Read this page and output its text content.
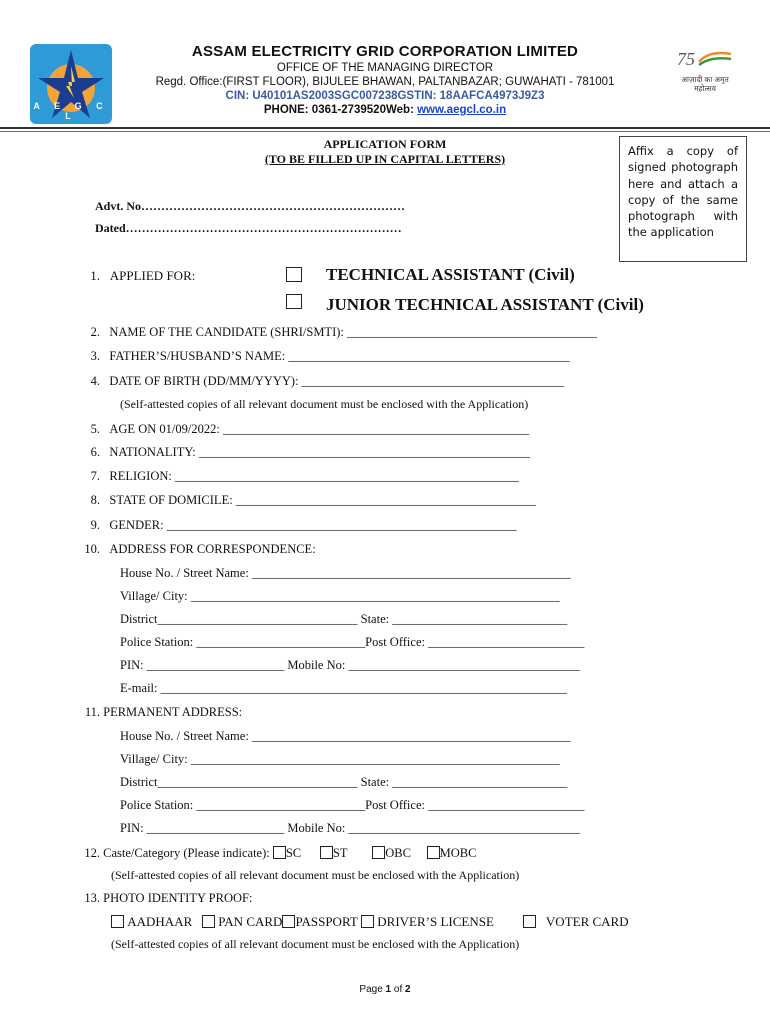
A E G C L
ASSAM ELECTRICITY GRID CORPORATION LIMITED
OFFICE OF THE MANAGING DIRECTOR
Regd. Office:(FIRST FLOOR), BIJULEE BHAWAN, PALTANBAZAR; GUWAHATI - 781001
CIN: U40101AS2003SGC007238GSTIN: 18AAFCA4973J9Z3
PHONE: 0361-2739520Web: www.aegcl.co.in
75
आज़ादी का अमृत महोत्सव
APPLICATION FORM
(TO BE FILLED UP IN CAPITAL LETTERS)
Affix a copy of signed photograph here and attach a copy of the same photograph with the application
Advt. No…………………………………………………………
Dated……………………………………………………………
1. APPLIED FOR:	TECHNICAL ASSISTANT (Civil)
JUNIOR TECHNICAL ASSISTANT (Civil)
2. NAME OF THE CANDIDATE (SHRI/SMTI): ________________________________________
3. FATHER’S/HUSBAND’S NAME: _____________________________________________
4. DATE OF BIRTH (DD/MM/YYYY): __________________________________________
(Self-attested copies of all relevant document must be enclosed with the Application)
5. AGE ON 01/09/2022: _________________________________________________
6. NATIONALITY: _____________________________________________________
7. RELIGION: _______________________________________________________
8. STATE OF DOMICILE: ________________________________________________
9. GENDER: ________________________________________________________
10. ADDRESS FOR CORRESPONDENCE:
House No. / Street Name: ___________________________________________________
Village/ City: ___________________________________________________________
District________________________________ State: ____________________________
Police Station: ___________________________Post Office: _________________________
PIN: ______________________ Mobile No: _____________________________________
E-mail: _________________________________________________________________
11. PERMANENT ADDRESS:
House No. / Street Name: ___________________________________________________
Village/ City: ___________________________________________________________
District________________________________ State: ____________________________
Police Station: ___________________________Post Office: _________________________
PIN: ______________________ Mobile No: _____________________________________
12. Caste/Category (Please indicate): SC	ST	OBC MOBC
(Self-attested copies of all relevant document must be enclosed with the Application)
13. PHOTO IDENTITY PROOF:
AADHAAR PAN CARD PASSPORT DRIVER’S LICENSE	VOTER CARD
(Self-attested copies of all relevant document must be enclosed with the Application)
Page 1 of 2
